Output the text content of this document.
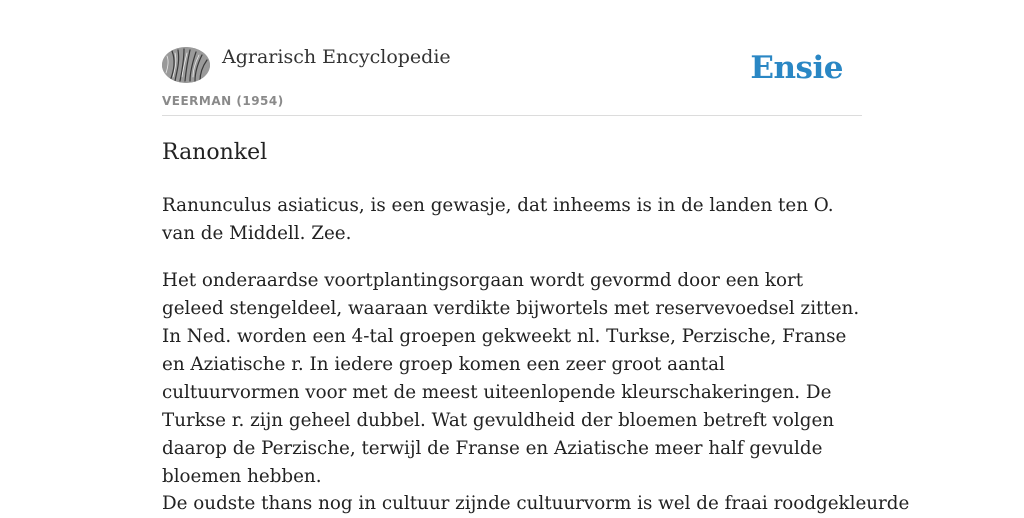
Agrarisch Encyclopedie
VEERMAN (1954)
Ensie
Ranonkel

Ranunculus asiaticus, is een gewasje, dat inheems is in de landen ten O. van de Middell. Zee.

Het onderaardse voortplantingsorgaan wordt gevormd door een kort geleed stengeldeel, waaraan verdikte bijwortels met reservevoedsel zitten. In Ned. worden een 4-tal groepen gekweekt nl. Turkse, Perzische, Franse en Aziatische r. In iedere groep komen een zeer groot aantal cultuurvormen voor met de meest uiteenlopende kleurschakeringen. De Turkse r. zijn geheel dubbel. Wat gevuldheid der bloemen betreft volgen daarop de Perzische, terwijl de Franse en Aziatische meer half gevulde bloemen hebben.

De oudste thans nog in cultuur zijnde cultuurvorm is wel de fraai roodgekleurde
